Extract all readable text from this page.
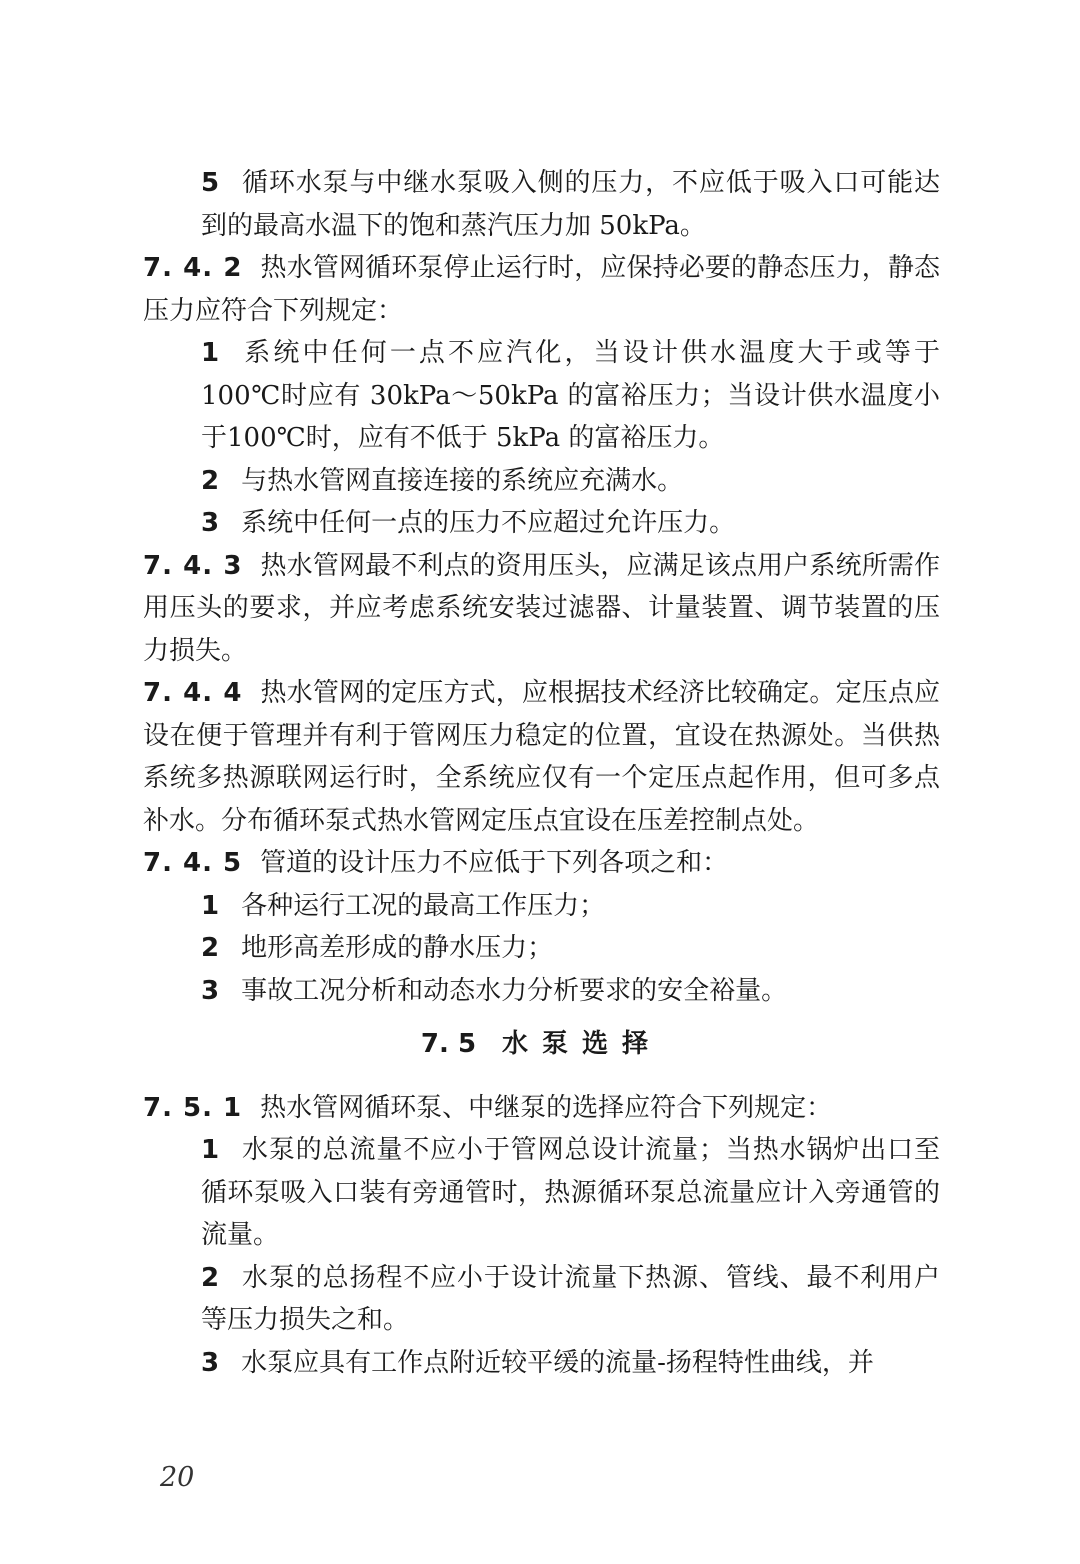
5 循环水泵与中继水泵吸入侧的压力，不应低于吸入口可能达到的最高水温下的饱和蒸汽压力加 50kPa。

7. 4. 2 热水管网循环泵停止运行时，应保持必要的静态压力，静态压力应符合下列规定：

1 系统中任何一点不应汽化，当设计供水温度大于或等于100℃时应有 30kPa～50kPa 的富裕压力；当设计供水温度小于100℃时，应有不低于 5kPa 的富裕压力。

2 与热水管网直接连接的系统应充满水。

3 系统中任何一点的压力不应超过允许压力。

7. 4. 3 热水管网最不利点的资用压头，应满足该点用户系统所需作用压头的要求，并应考虑系统安装过滤器、计量装置、调节装置的压力损失。

7. 4. 4 热水管网的定压方式，应根据技术经济比较确定。定压点应设在便于管理并有利于管网压力稳定的位置，宜设在热源处。当供热系统多热源联网运行时，全系统应仅有一个定压点起作用，但可多点补水。分布循环泵式热水管网定压点宜设在压差控制点处。

7. 4. 5 管道的设计压力不应低于下列各项之和：

1 各种运行工况的最高工作压力；

2 地形高差形成的静水压力；

3 事故工况分析和动态水力分析要求的安全裕量。

7. 5 水泵选择

7. 5. 1 热水管网循环泵、中继泵的选择应符合下列规定：

1 水泵的总流量不应小于管网总设计流量；当热水锅炉出口至循环泵吸入口装有旁通管时，热源循环泵总流量应计入旁通管的流量。

2 水泵的总扬程不应小于设计流量下热源、管线、最不利用户等压力损失之和。

3 水泵应具有工作点附近较平缓的流量-扬程特性曲线，并

20
